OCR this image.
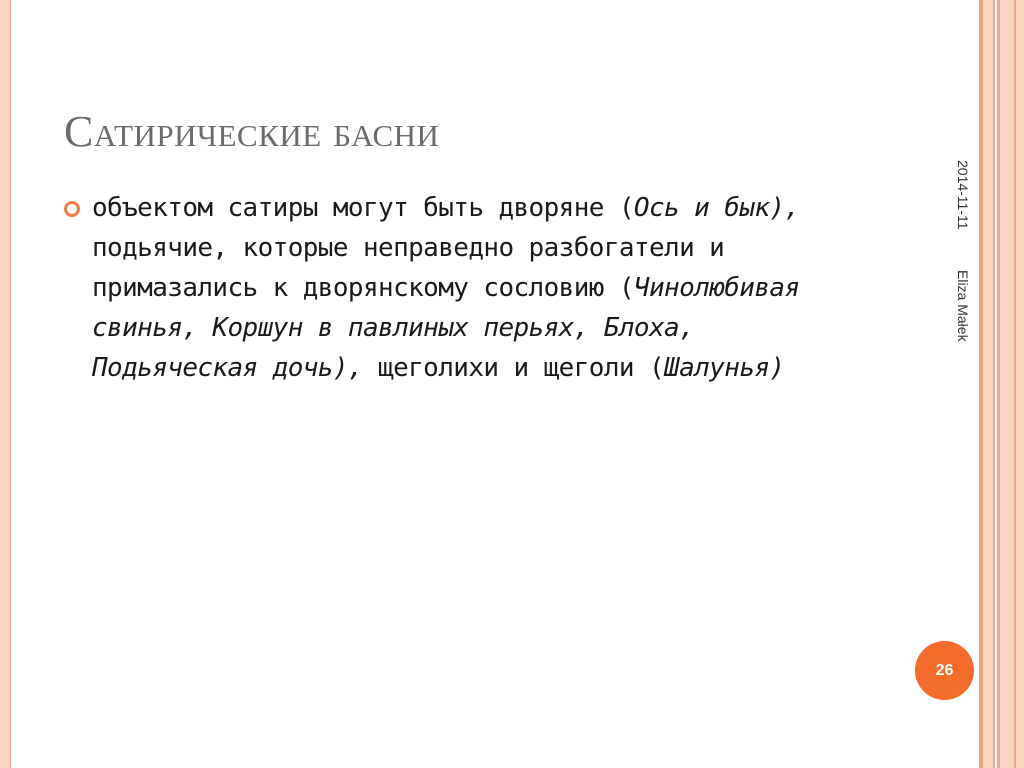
Сатирические басни
объектом сатиры могут быть дворяне (Ось и бык), подьячие, которые неправедно разбогатели и примазались к дворянскому сословию (Чинолюбивая свинья, Коршун в павлиных перьях, Блоха, Подьяческая дочь), щеголихи и щеголи (Шалунья)
2014-11-11
Eliza Małek
26
